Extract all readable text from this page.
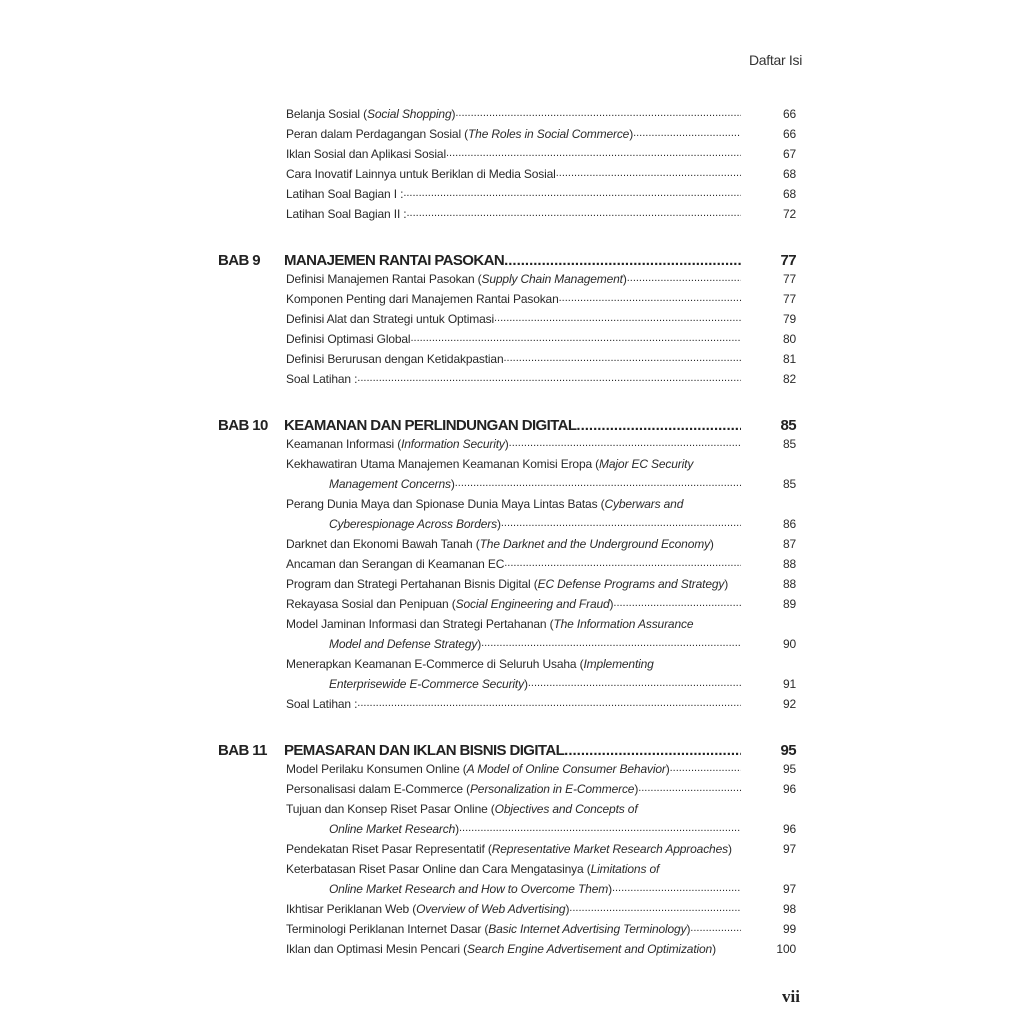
Daftar Isi
Belanja Sosial (Social Shopping) .....	66
Peran dalam Perdagangan Sosial (The Roles in Social Commerce) .....	66
Iklan Sosial dan Aplikasi Sosial .....	67
Cara Inovatif Lainnya untuk Beriklan di Media Sosial .....	68
Latihan Soal Bagian I : .....	68
Latihan Soal Bagian II : .....	72
BAB 9	MANAJEMEN RANTAI PASOKAN .....	77
Definisi Manajemen Rantai Pasokan (Supply Chain Management) .....	77
Komponen Penting dari Manajemen Rantai Pasokan .....	77
Definisi Alat dan Strategi untuk Optimasi .....	79
Definisi Optimasi Global .....	80
Definisi Berurusan dengan Ketidakpastian .....	81
Soal Latihan : .....	82
BAB 10	KEAMANAN DAN PERLINDUNGAN DIGITAL .....	85
Keamanan Informasi (Information Security) .....	85
Kekhawatiran Utama Manajemen Keamanan Komisi Eropa (Major EC Security
Management Concerns) .....	85
Perang Dunia Maya dan Spionase Dunia Maya Lintas Batas (Cyberwars and
Cyberespionage Across Borders) .....	86
Darknet dan Ekonomi Bawah Tanah (The Darknet and the Underground Economy)	87
Ancaman dan Serangan di Keamanan EC .....	88
Program dan Strategi Pertahanan Bisnis Digital (EC Defense Programs and Strategy)	88
Rekayasa Sosial dan Penipuan (Social Engineering and Fraud) .....	89
Model Jaminan Informasi dan Strategi Pertahanan (The Information Assurance
Model and Defense Strategy) .....	90
Menerapkan Keamanan E-Commerce di Seluruh Usaha (Implementing
Enterprisewide E-Commerce Security) .....	91
Soal Latihan : .....	92
BAB 11	PEMASARAN DAN IKLAN BISNIS DIGITAL .....	95
Model Perilaku Konsumen Online (A Model of Online Consumer Behavior) .....	95
Personalisasi dalam E-Commerce (Personalization in E-Commerce) .....	96
Tujuan dan Konsep Riset Pasar Online (Objectives and Concepts of
Online Market Research) .....	96
Pendekatan Riset Pasar Representatif (Representative Market Research Approaches)	97
Keterbatasan Riset Pasar Online dan Cara Mengatasinya (Limitations of
Online Market Research and How to Overcome Them) .....	97
Ikhtisar Periklanan Web (Overview of Web Advertising) .....	98
Terminologi Periklanan Internet Dasar (Basic Internet Advertising Terminology) .....	99
Iklan dan Optimasi Mesin Pencari (Search Engine Advertisement and Optimization)	100
vii
